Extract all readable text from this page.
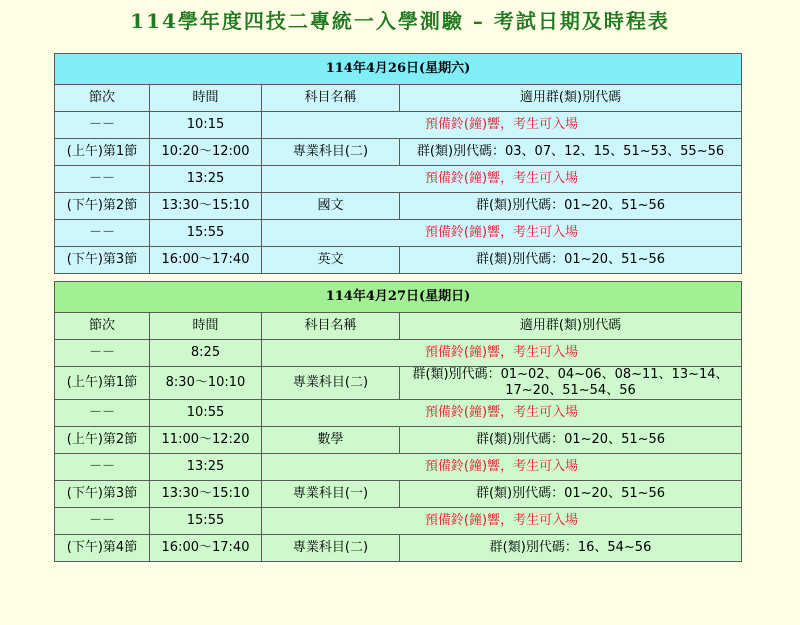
114學年度四技二專統一入學測驗 – 考試日期及時程表
114年4月26日(星期六)			
節次	時間	科目名稱	適用群(類)別代碼
－－	10:15	預備鈴(鐘)響，考生可入場	
(上午)第1節	10:20～12:00	專業科目(二)	群(類)別代碼：03、07、12、15、51~53、55~56
－－	13:25	預備鈴(鐘)響，考生可入場	
(下午)第2節	13:30～15:10	國文	群(類)別代碼：01~20、51~56
－－	15:55	預備鈴(鐘)響，考生可入場	
(下午)第3節	16:00～17:40	英文	群(類)別代碼：01~20、51~56
114年4月27日(星期日)			
節次	時間	科目名稱	適用群(類)別代碼
－－	8:25	預備鈴(鐘)響，考生可入場	
(上午)第1節	8:30～10:10	專業科目(二)	群(類)別代碼：01~02、04~06、08~11、13~14、17~20、51~54、56
－－	10:55	預備鈴(鐘)響，考生可入場	
(上午)第2節	11:00～12:20	數學	群(類)別代碼：01~20、51~56
－－	13:25	預備鈴(鐘)響，考生可入場	
(下午)第3節	13:30～15:10	專業科目(一)	群(類)別代碼：01~20、51~56
－－	15:55	預備鈴(鐘)響，考生可入場	
(下午)第4節	16:00～17:40	專業科目(二)	群(類)別代碼：16、54~56
